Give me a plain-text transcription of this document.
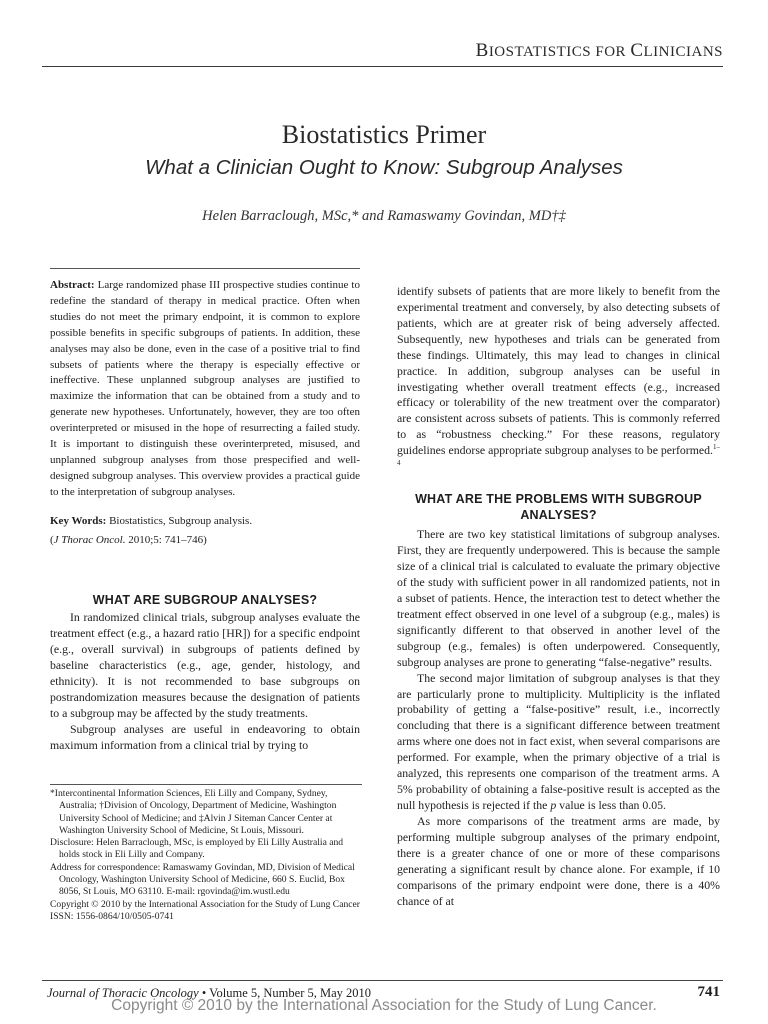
BIOSTATISTICS FOR CLINICIANS
Biostatistics Primer
What a Clinician Ought to Know: Subgroup Analyses
Helen Barraclough, MSc,* and Ramaswamy Govindan, MD†‡
Abstract: Large randomized phase III prospective studies continue to redefine the standard of therapy in medical practice. Often when studies do not meet the primary endpoint, it is common to explore possible benefits in specific subgroups of patients. In addition, these analyses may also be done, even in the case of a positive trial to find subsets of patients where the therapy is especially effective or ineffective. These unplanned subgroup analyses are justified to maximize the information that can be obtained from a study and to generate new hypotheses. Unfortunately, however, they are too often overinterpreted or misused in the hope of resurrecting a failed study. It is important to distinguish these overinterpreted, misused, and unplanned subgroup analyses from those prespecified and well-designed subgroup analyses. This overview provides a practical guide to the interpretation of subgroup analyses.
Key Words: Biostatistics, Subgroup analysis.
(J Thorac Oncol. 2010;5: 741–746)
WHAT ARE SUBGROUP ANALYSES?

In randomized clinical trials, subgroup analyses evaluate the treatment effect (e.g., a hazard ratio [HR]) for a specific endpoint (e.g., overall survival) in subgroups of patients defined by baseline characteristics (e.g., age, gender, histology, and ethnicity). It is not recommended to base subgroups on postrandomization measures because the designation of patients to a subgroup may be affected by the study treatments.

Subgroup analyses are useful in endeavoring to obtain maximum information from a clinical trial by trying to

*Intercontinental Information Sciences, Eli Lilly and Company, Sydney, Australia; †Division of Oncology, Department of Medicine, Washington University School of Medicine; and ‡Alvin J Siteman Cancer Center at Washington University School of Medicine, St Louis, Missouri.

Disclosure: Helen Barraclough, MSc, is employed by Eli Lilly Australia and holds stock in Eli Lilly and Company.

Address for correspondence: Ramaswamy Govindan, MD, Division of Medical Oncology, Washington University School of Medicine, 660 S. Euclid, Box 8056, St Louis, MO 63110. E-mail: rgovinda@im.wustl.edu

Copyright © 2010 by the International Association for the Study of Lung Cancer

ISSN: 1556-0864/10/0505-0741

identify subsets of patients that are more likely to benefit from the experimental treatment and conversely, by also detecting subsets of patients, which are at greater risk of being adversely affected. Subsequently, new hypotheses and trials can be generated from these findings. Ultimately, this may lead to changes in clinical practice. In addition, subgroup analyses can be useful in investigating whether overall treatment effects (e.g., increased efficacy or tolerability of the new treatment over the comparator) are consistent across subsets of patients. This is commonly referred to as “robustness checking.” For these reasons, regulatory guidelines endorse appropriate subgroup analyses to be performed.$^{1-4}$

WHAT ARE THE PROBLEMS WITH SUBGROUP ANALYSES?

There are two key statistical limitations of subgroup analyses. First, they are frequently underpowered. This is because the sample size of a clinical trial is calculated to evaluate the primary objective of the study with sufficient power in all randomized patients, not in a subset of patients. Hence, the interaction test to detect whether the treatment effect observed in one level of a subgroup (e.g., males) is significantly different to that observed in another level of the subgroup (e.g., females) is often underpowered. Consequently, subgroup analyses are prone to generating “false-negative” results.

The second major limitation of subgroup analyses is that they are particularly prone to multiplicity. Multiplicity is the inflated probability of getting a “false-positive” result, i.e., incorrectly concluding that there is a significant difference between treatment arms where one does not in fact exist, when several comparisons are performed. For example, when the primary objective of a trial is analyzed, this represents one comparison of the treatment arms. A 5% probability of obtaining a false-positive result is accepted as the null hypothesis is rejected if the p value is less than 0.05.

As more comparisons of the treatment arms are made, by performing multiple subgroup analyses of the primary endpoint, there is a greater chance of one or more of these comparisons generating a significant result by chance alone. For example, if 10 comparisons of the primary endpoint were done, there is a 40% chance of at

Journal of Thoracic Oncology • Volume 5, Number 5, May 2010	741
Copyright © 2010 by the International Association for the Study of Lung Cancer.
